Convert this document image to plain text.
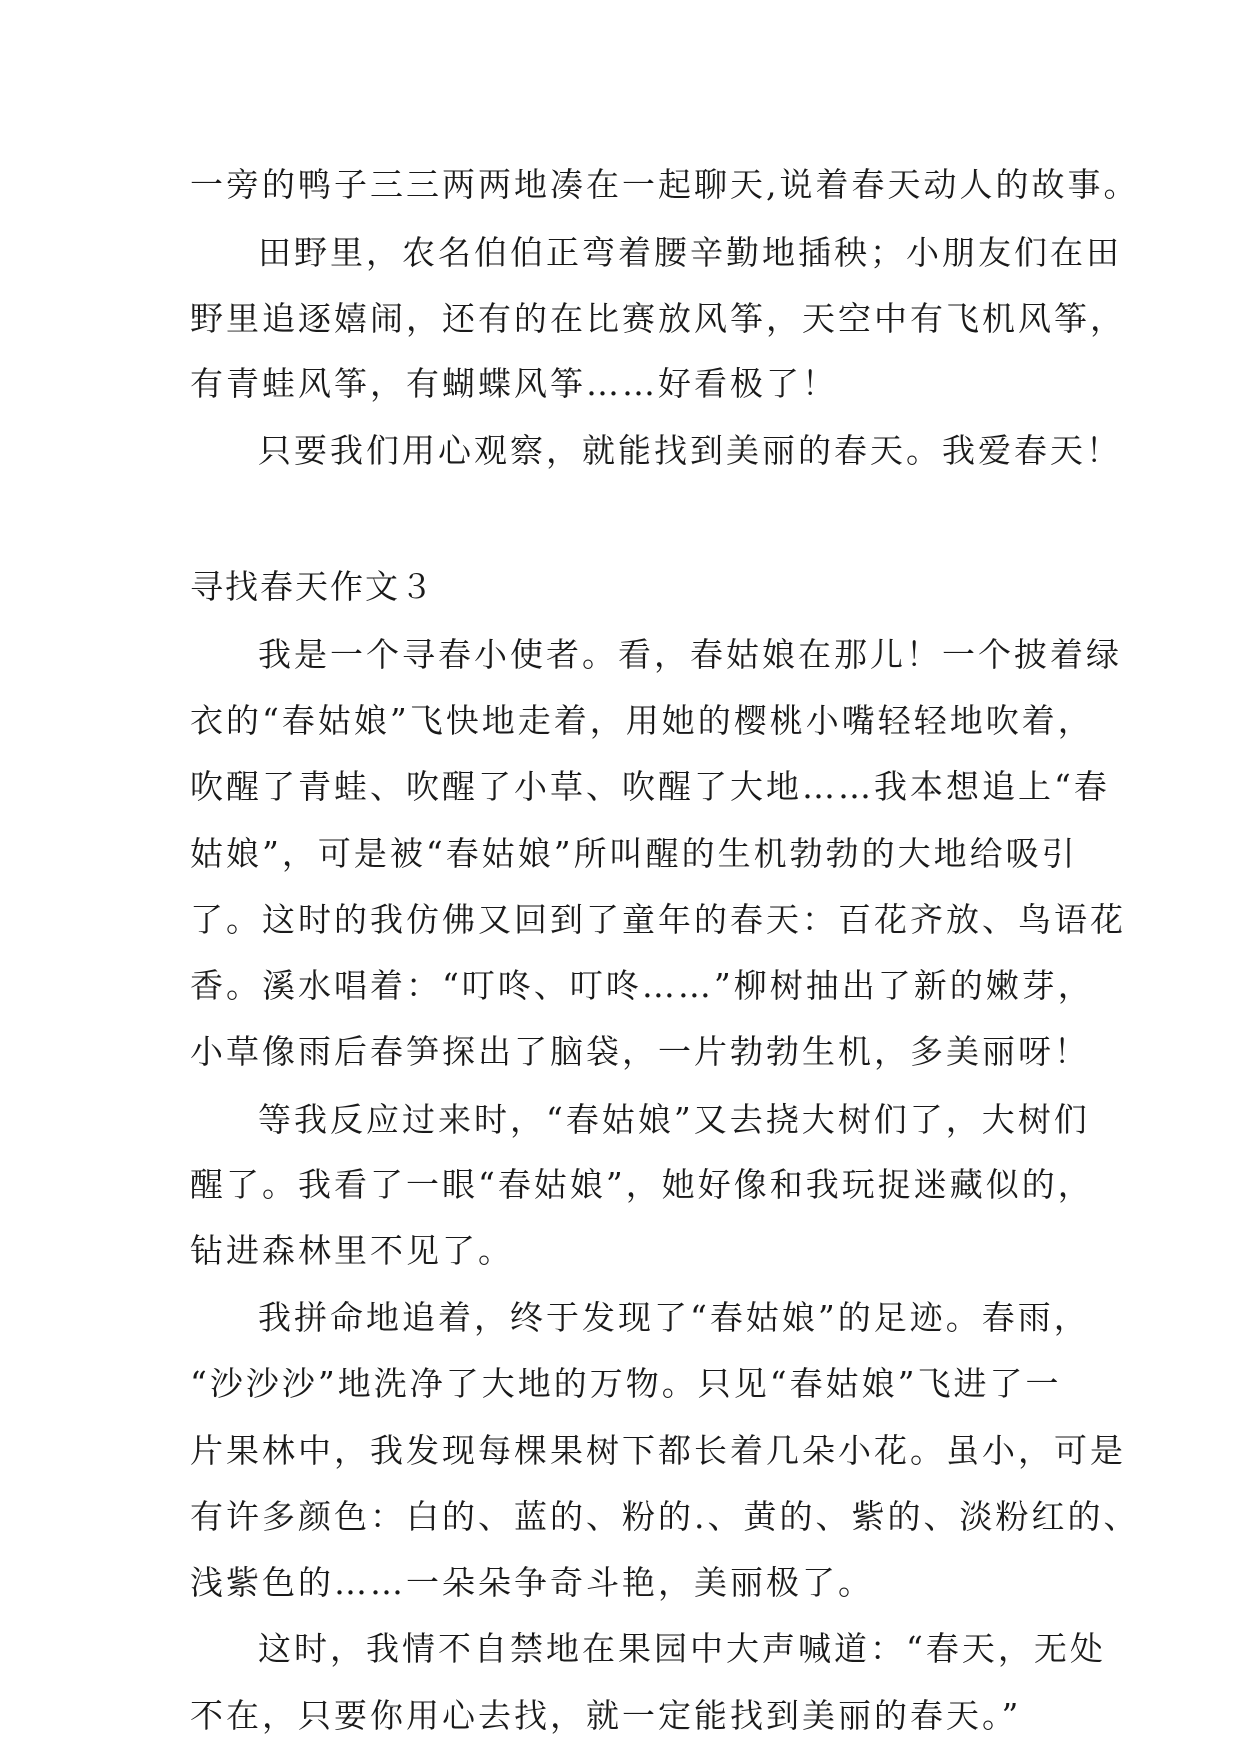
一旁的鸭子三三两两地凑在一起聊天,说着春天动人的故事。
田野里，农名伯伯正弯着腰辛勤地插秧；小朋友们在田
野里追逐嬉闹，还有的在比赛放风筝，天空中有飞机风筝，
有青蛙风筝，有蝴蝶风筝……好看极了！
只要我们用心观察，就能找到美丽的春天。我爱春天！
寻找春天作文３
我是一个寻春小使者。看，春姑娘在那儿！一个披着绿
衣的“春姑娘”飞快地走着，用她的樱桃小嘴轻轻地吹着，
吹醒了青蛙、吹醒了小草、吹醒了大地……我本想追上“春
姑娘”，可是被“春姑娘”所叫醒的生机勃勃的大地给吸引
了。这时的我仿佛又回到了童年的春天：百花齐放、鸟语花
香。溪水唱着：“叮咚、叮咚……”柳树抽出了新的嫩芽，
小草像雨后春笋探出了脑袋，一片勃勃生机，多美丽呀！
等我反应过来时，“春姑娘”又去挠大树们了，大树们
醒了。我看了一眼“春姑娘”，她好像和我玩捉迷藏似的，
钻进森林里不见了。
我拼命地追着，终于发现了“春姑娘”的足迹。春雨，
“沙沙沙”地洗净了大地的万物。只见“春姑娘”飞进了一
片果林中，我发现每棵果树下都长着几朵小花。虽小，可是
有许多颜色：白的、蓝的、粉的.、黄的、紫的、淡粉红的、
浅紫色的……一朵朵争奇斗艳，美丽极了。
这时，我情不自禁地在果园中大声喊道：“春天，无处
不在，只要你用心去找，就一定能找到美丽的春天。”
